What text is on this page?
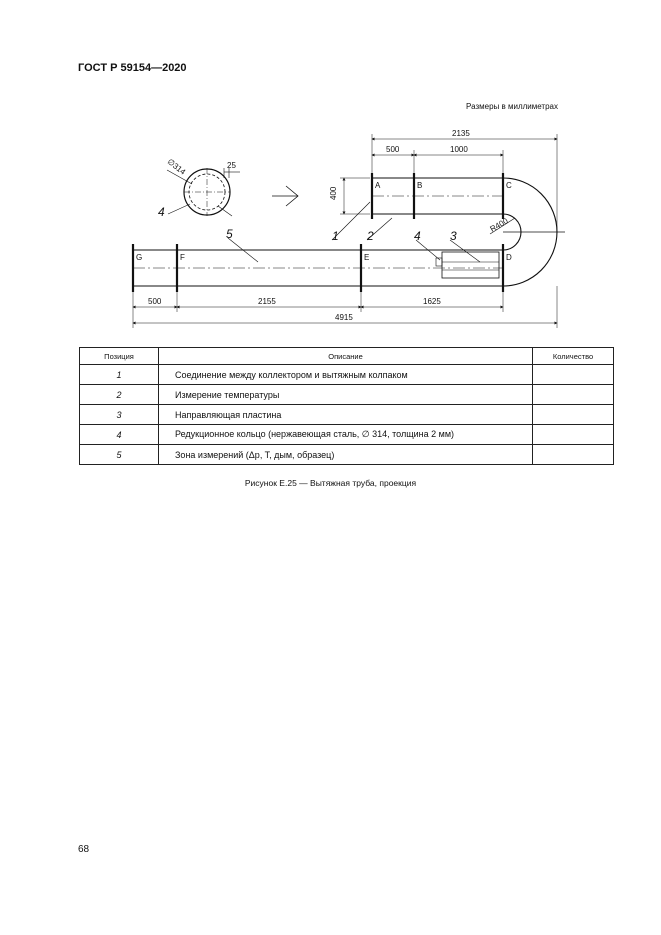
ГОСТ Р 59154—2020
Размеры в миллиметрах
∅314	25
400
2135
500	1000
R400
500	2155	1625
4915
A	B	C
D
E
F
G
4
1 2	4 3
5
Позиция	Описание	Количество
1	Соединение между коллектором и вытяжным колпаком	
2	Измерение температуры	
3	Направляющая пластина	
4	Редукционное кольцо (нержавеющая сталь, ∅ 314, толщина 2 мм)	
5	Зона измерений (Δp, T, дым, образец)	
Рисунок Е.25 — Вытяжная труба, проекция
68
